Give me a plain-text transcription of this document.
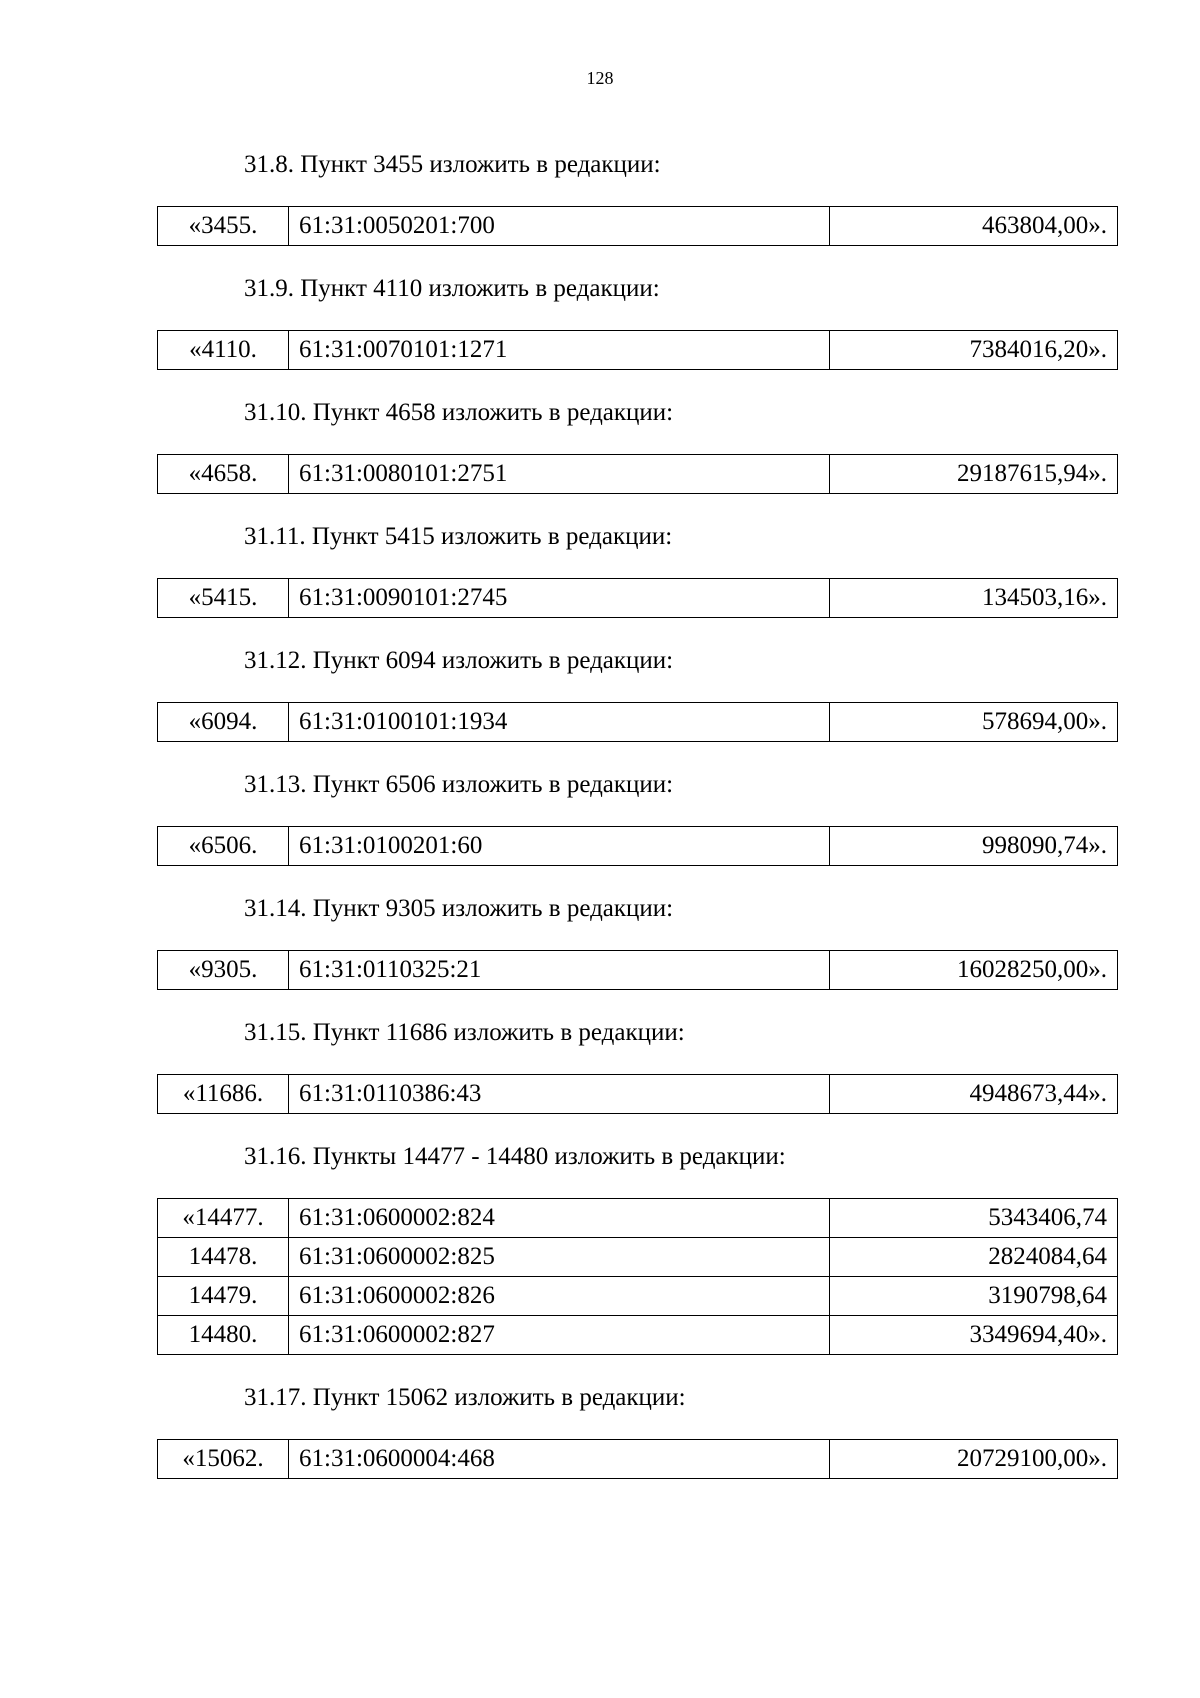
128
31.8. Пункт 3455 изложить в редакции:
«3455.	61:31:0050201:700	463804,00».
31.9. Пункт 4110 изложить в редакции:
«4110.	61:31:0070101:1271	7384016,20».
31.10. Пункт 4658 изложить в редакции:
«4658.	61:31:0080101:2751	29187615,94».
31.11. Пункт 5415 изложить в редакции:
«5415.	61:31:0090101:2745	134503,16».
31.12. Пункт 6094 изложить в редакции:
«6094.	61:31:0100101:1934	578694,00».
31.13. Пункт 6506 изложить в редакции:
«6506.	61:31:0100201:60	998090,74».
31.14. Пункт 9305 изложить в редакции:
«9305.	61:31:0110325:21	16028250,00».
31.15. Пункт 11686 изложить в редакции:
«11686.	61:31:0110386:43	4948673,44».
31.16. Пункты 14477 - 14480 изложить в редакции:
«14477.	61:31:0600002:824	5343406,74
14478.	61:31:0600002:825	2824084,64
14479.	61:31:0600002:826	3190798,64
14480.	61:31:0600002:827	3349694,40».
31.17. Пункт 15062 изложить в редакции:
«15062.	61:31:0600004:468	20729100,00».
